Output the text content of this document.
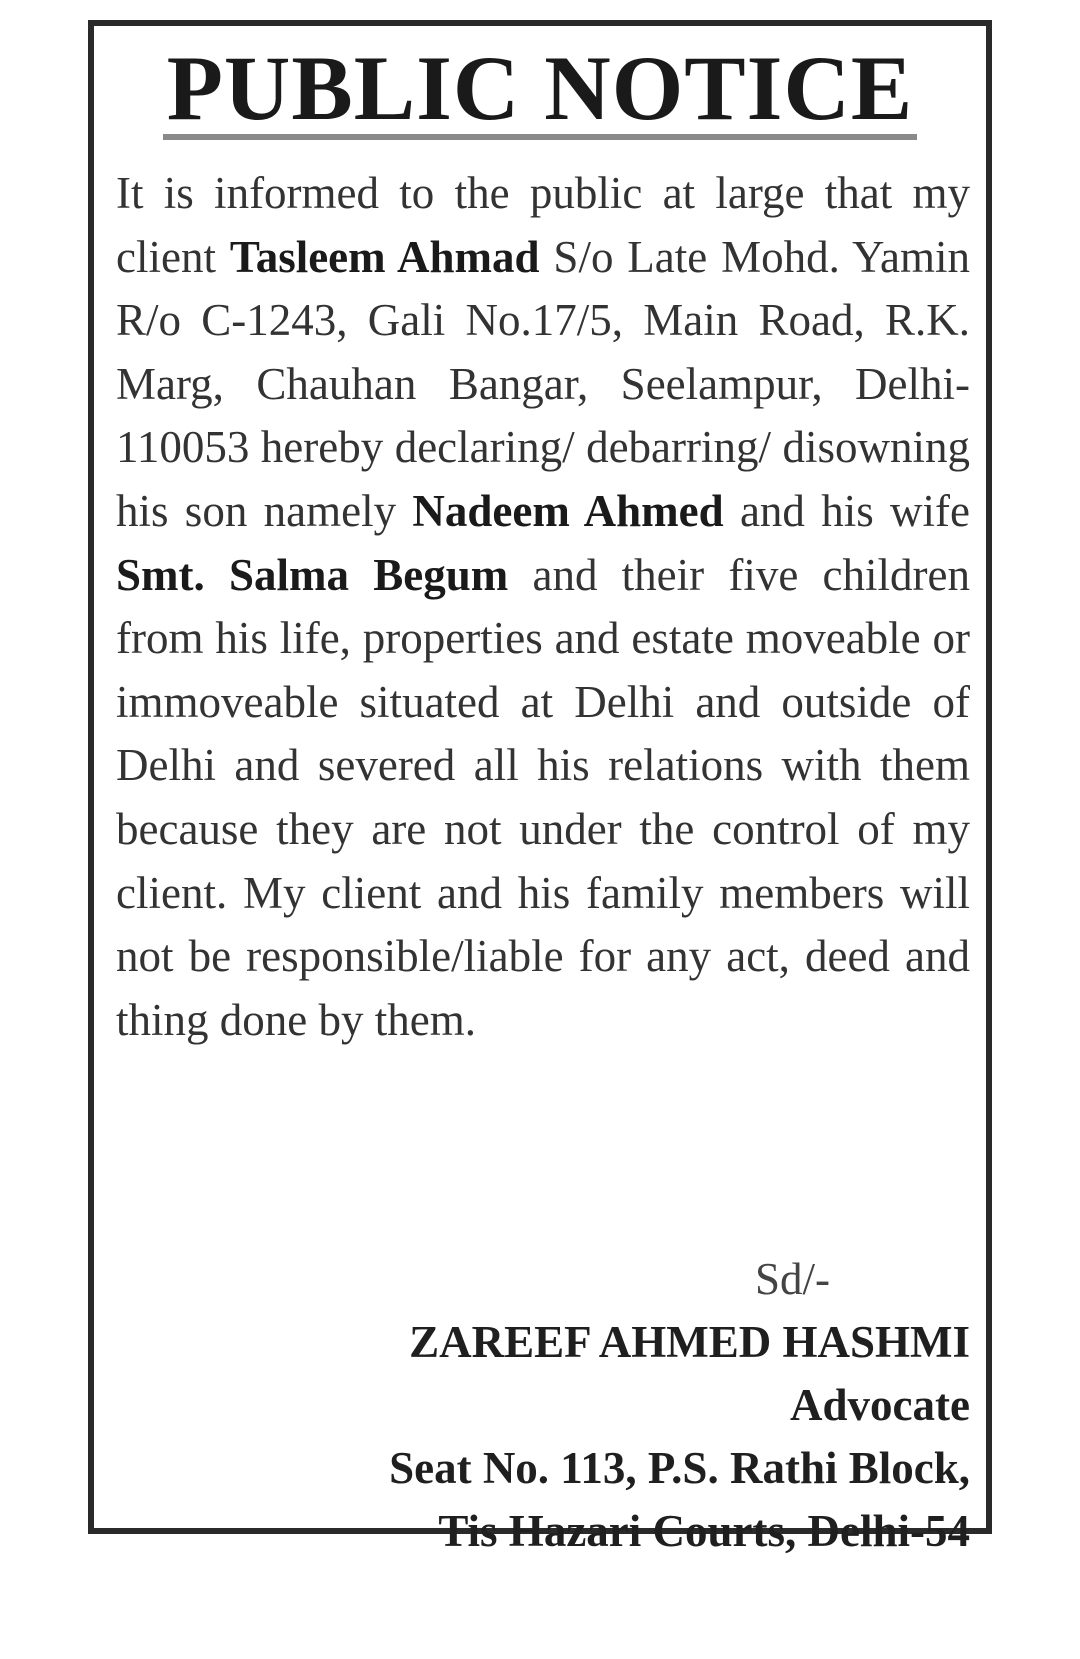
PUBLIC NOTICE
It is informed to the public at large that my client Tasleem Ahmad S/o Late Mohd. Yamin R/o C-1243, Gali No.17/5, Main Road, R.K. Marg, Chauhan Bangar, Seelampur, Delhi-110053 hereby declaring/ debarring/ disowning his son namely Nadeem Ahmed and his wife Smt. Salma Begum and their five children from his life, properties and estate moveable or immoveable situated at Delhi and outside of Delhi and severed all his relations with them because they are not under the control of my client. My client and his family members will not be responsible/liable for any act, deed and thing done by them.
Sd/-
ZAREEF AHMED HASHMI
Advocate
Seat No. 113, P.S. Rathi Block,
Tis Hazari Courts, Delhi-54
